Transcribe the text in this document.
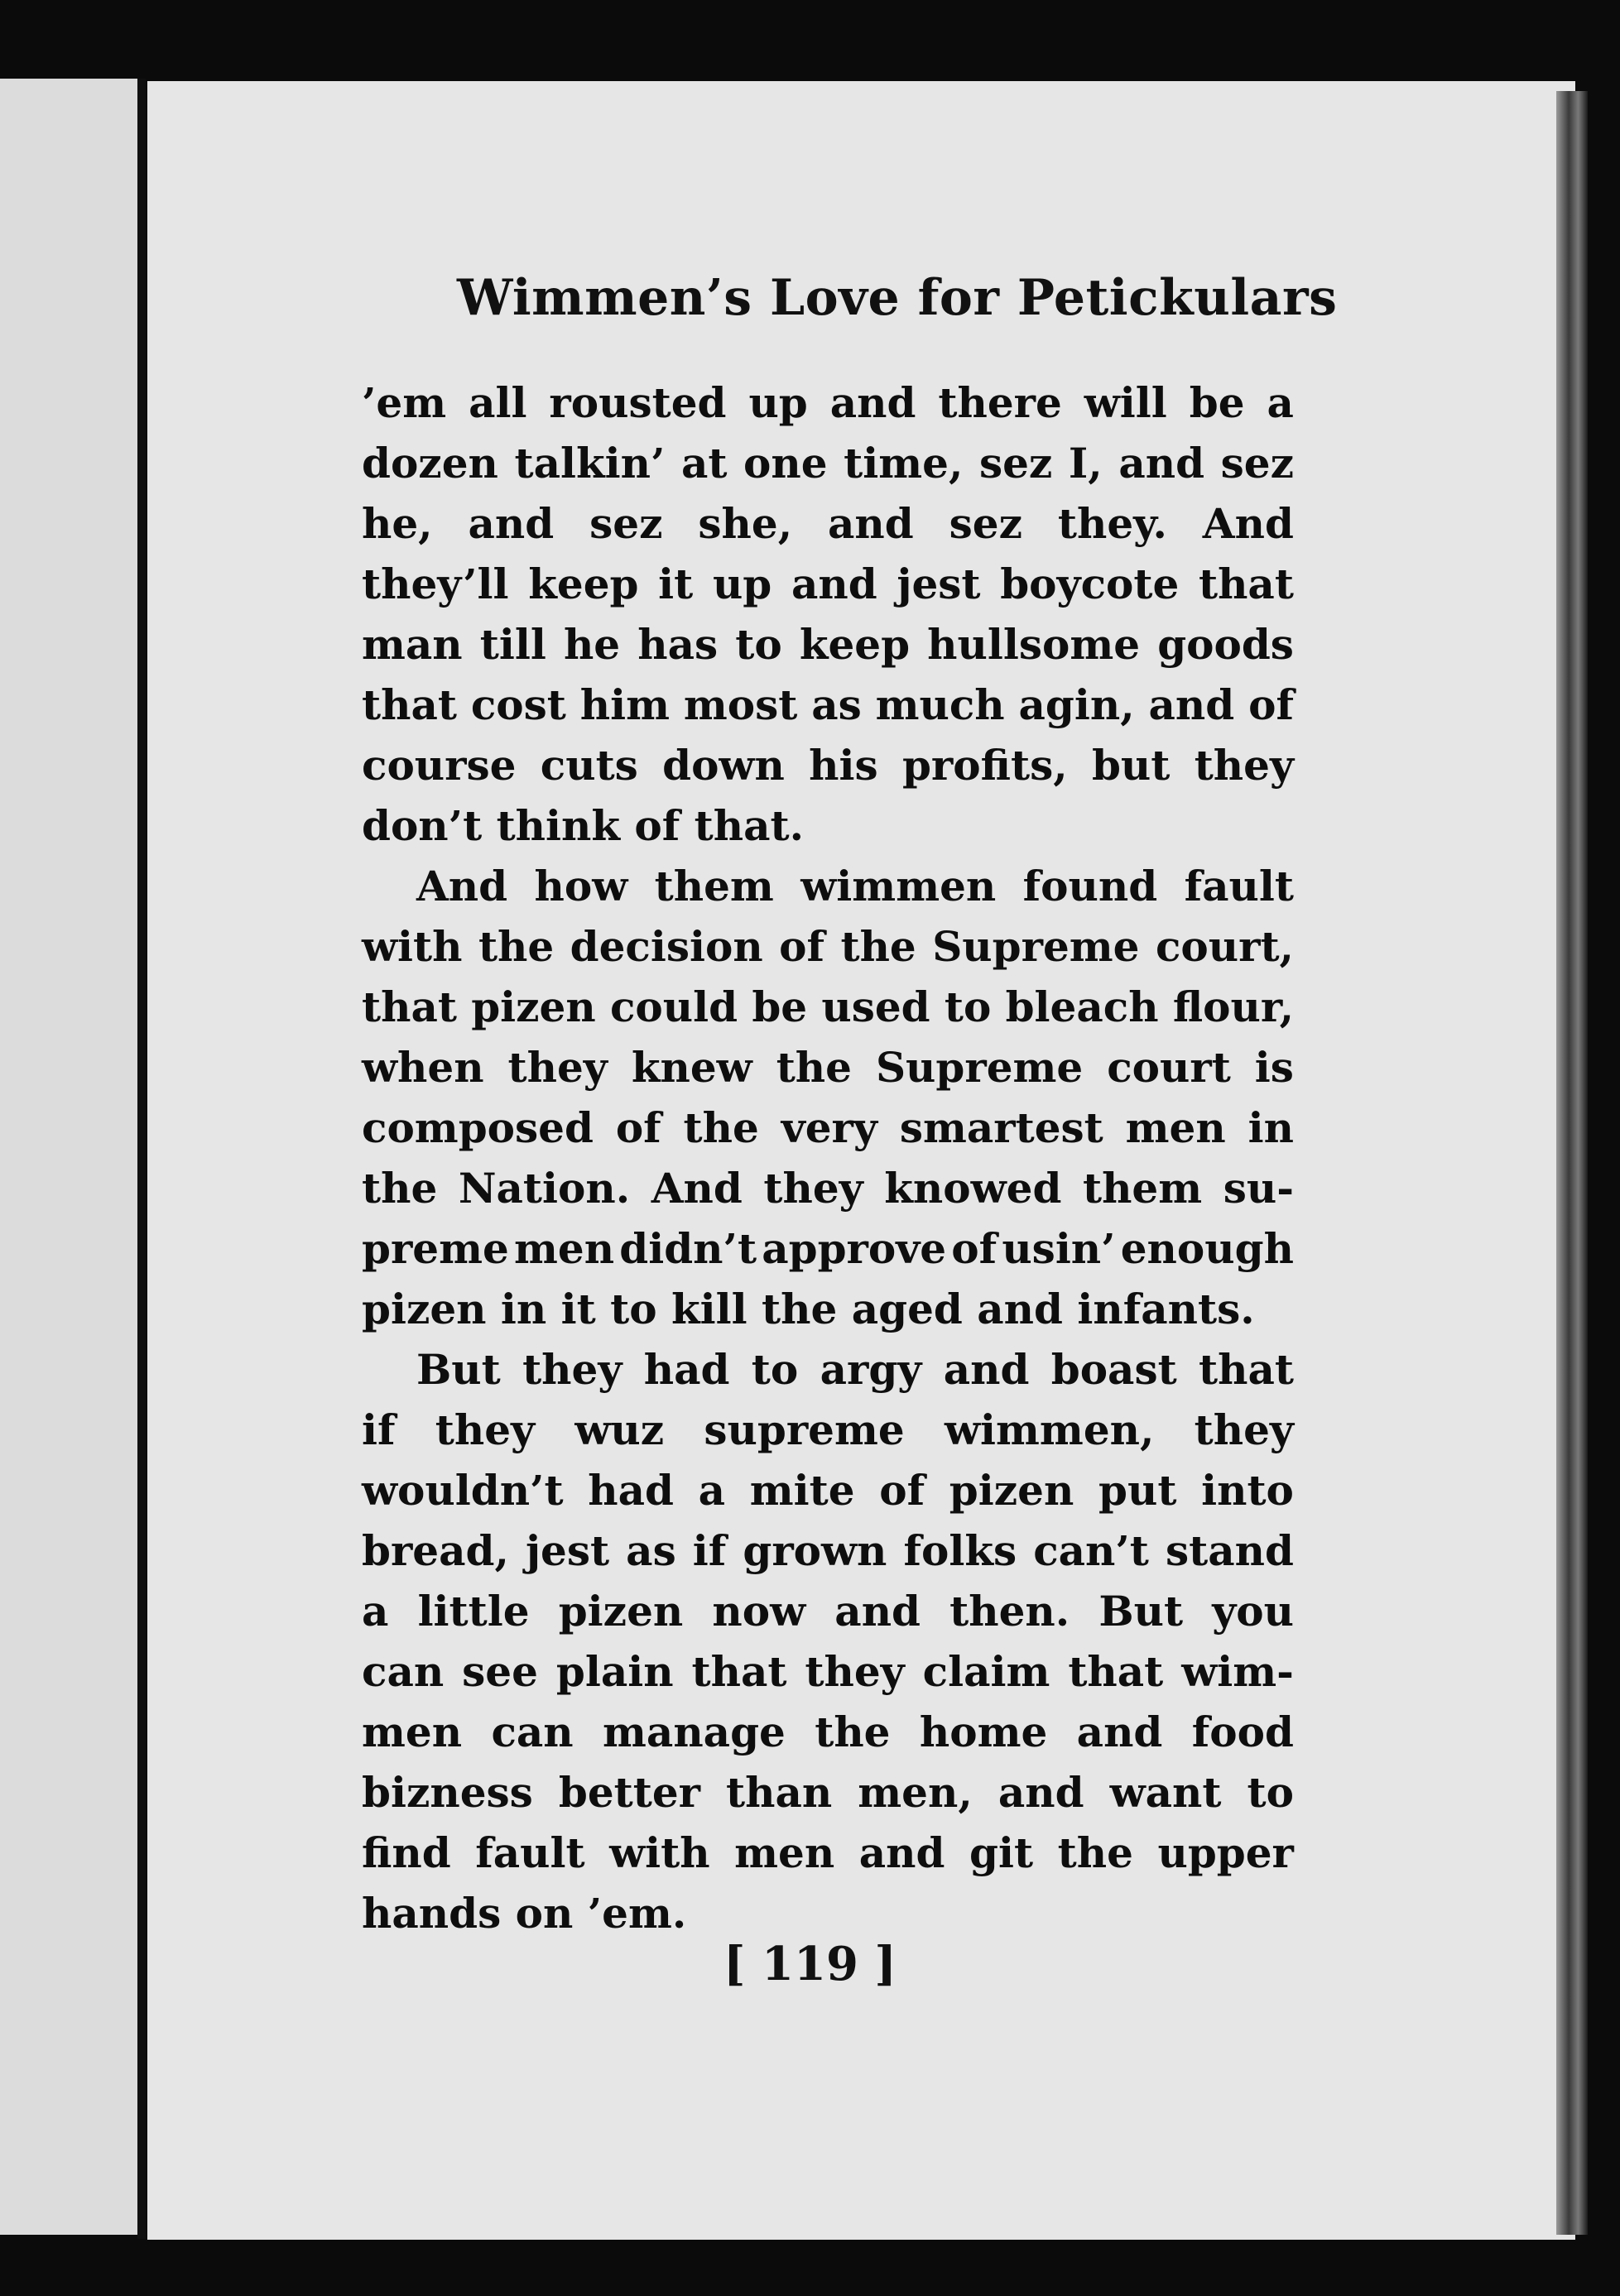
Wimmen’s Love for Petickulars
’em all rousted up and there will be a
dozen talkin’ at one time, sez I, and sez
he, and sez she, and sez they. And
they’ll keep it up and jest boycote that
man till he has to keep hullsome goods
that cost him most as much agin, and of
course cuts down his profits, but they
don’t think of that.
And how them wimmen found fault
with the decision of the Supreme court,
that pizen could be used to bleach flour,
when they knew the Supreme court is
composed of the very smartest men in
the Nation. And they knowed them su-
preme men didn’t approve of usin’ enough
pizen in it to kill the aged and infants.
But they had to argy and boast that
if they wuz supreme wimmen, they
wouldn’t had a mite of pizen put into
bread, jest as if grown folks can’t stand
a little pizen now and then. But you
can see plain that they claim that wim-
men can manage the home and food
bizness better than men, and want to
find fault with men and git the upper
hands on ’em.
[ 119 ]
